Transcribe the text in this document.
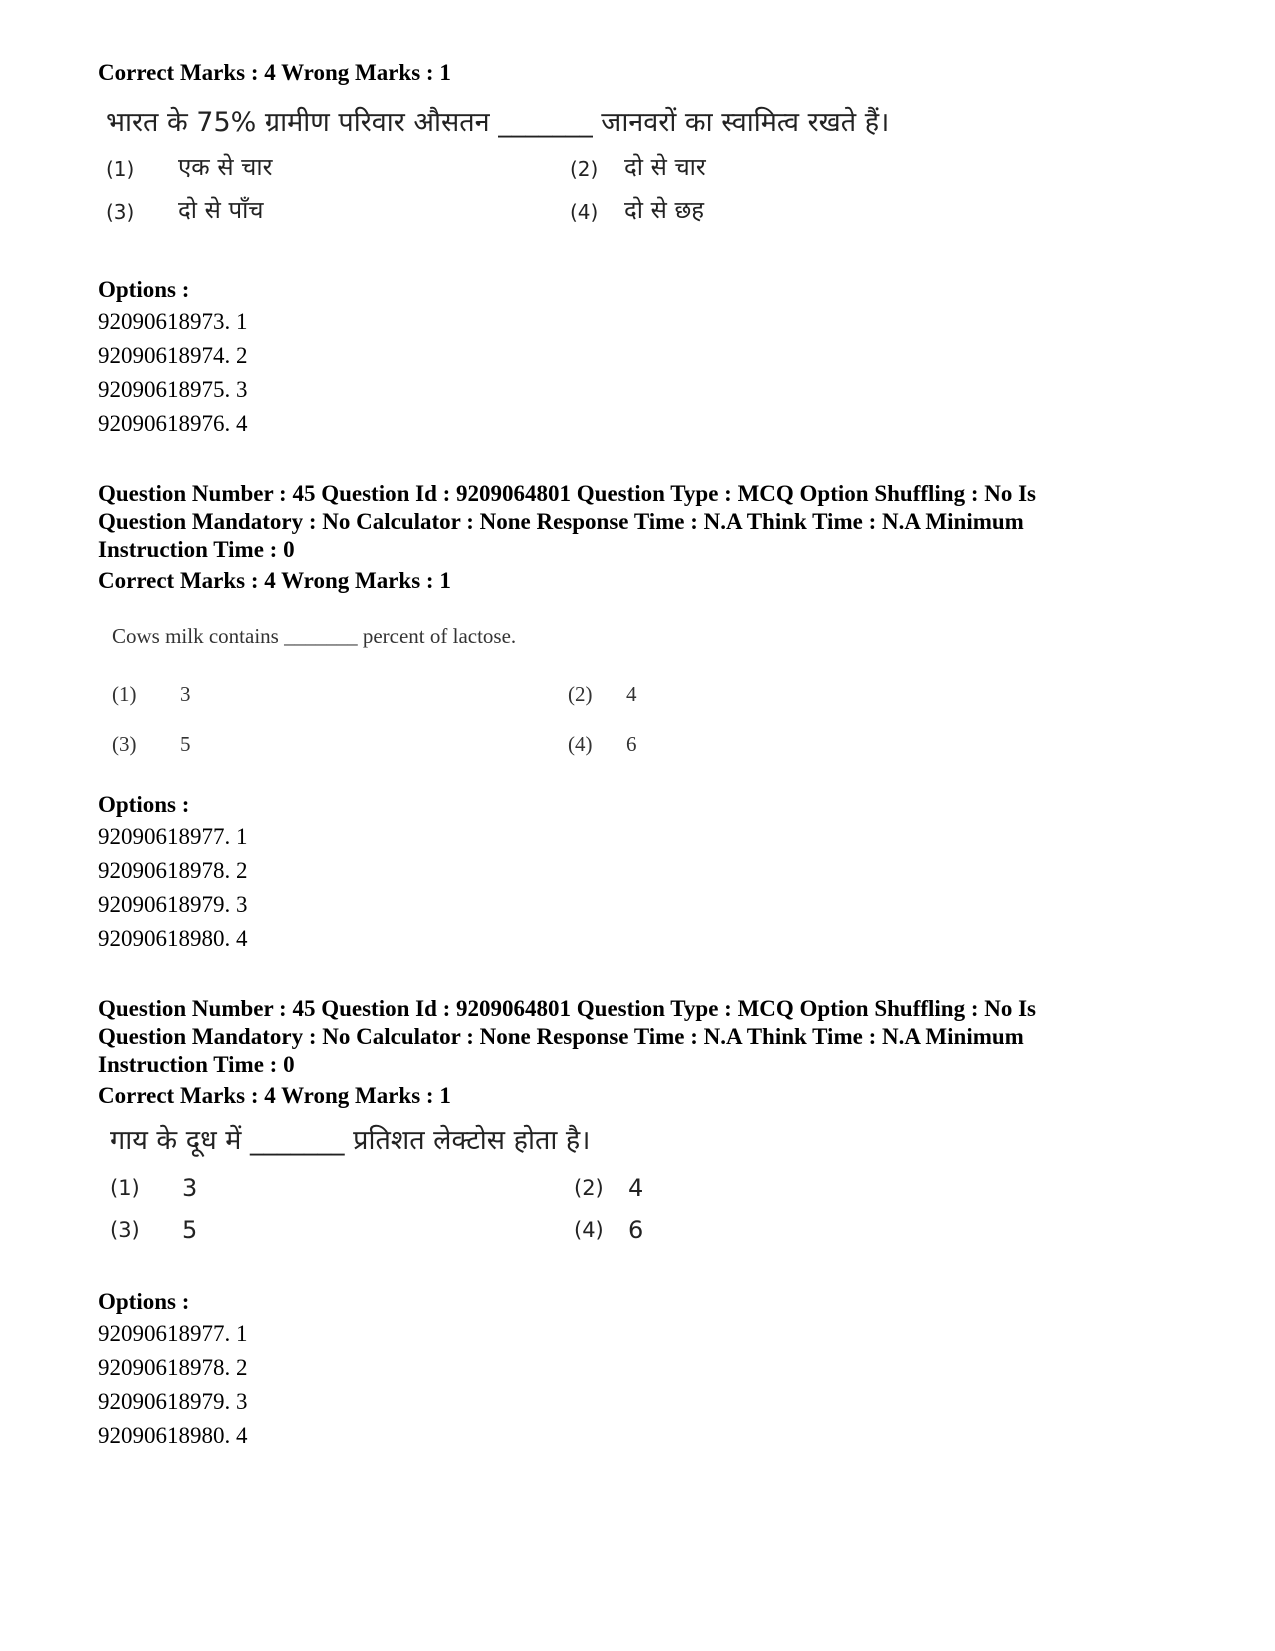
Correct Marks : 4 Wrong Marks : 1
भारत के 75% ग्रामीण परिवार औसतन _______ जानवरों का स्वामित्व रखते हैं।
(1) एक से चार	(2) दो से चार
(3) दो से पाँच	(4) दो से छह
Options :
92090618973. 1
92090618974. 2
92090618975. 3
92090618976. 4
Question Number : 45 Question Id : 9209064801 Question Type : MCQ Option Shuffling : No Is
Question Mandatory : No Calculator : None Response Time : N.A Think Time : N.A Minimum
Instruction Time : 0
Correct Marks : 4 Wrong Marks : 1
Cows milk contains _______ percent of lactose.
(1) 3	(2) 4
(3) 5	(4) 6
Options :
92090618977. 1
92090618978. 2
92090618979. 3
92090618980. 4
Question Number : 45 Question Id : 9209064801 Question Type : MCQ Option Shuffling : No Is
Question Mandatory : No Calculator : None Response Time : N.A Think Time : N.A Minimum
Instruction Time : 0
Correct Marks : 4 Wrong Marks : 1
गाय के दूध में _______ प्रतिशत लेक्टोस होता है।
(1) 3	(2) 4
(3) 5	(4) 6
Options :
92090618977. 1
92090618978. 2
92090618979. 3
92090618980. 4
